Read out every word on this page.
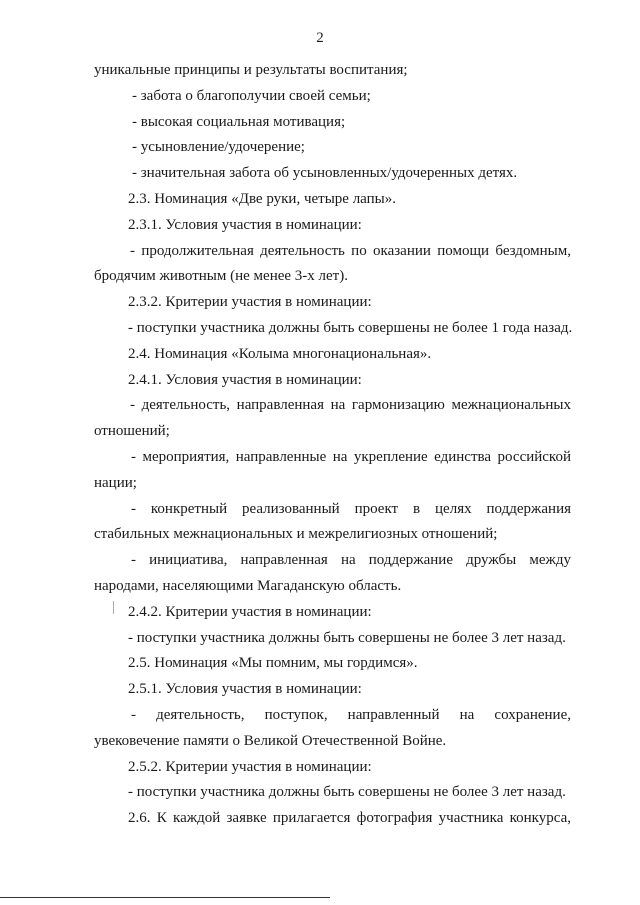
2
уникальные принципы и результаты воспитания;
- забота о благополучии своей семьи;
- высокая социальная мотивация;
- усыновление/удочерение;
- значительная забота об усыновленных/удочеренных детях.
2.3. Номинация «Две руки, четыре лапы».
2.3.1. Условия участия в номинации:
- продолжительная деятельность по оказании помощи бездомным,
бродячим животным (не менее 3-х лет).
2.3.2. Критерии участия в номинации:
- поступки участника должны быть совершены не более 1 года назад.
2.4. Номинация «Колыма многонациональная».
2.4.1. Условия участия в номинации:
- деятельность, направленная на гармонизацию межнациональных
отношений;
- мероприятия, направленные на укрепление единства российской
нации;
- конкретный реализованный проект в целях поддержания
стабильных межнациональных и межрелигиозных отношений;
- инициатива, направленная на поддержание дружбы между
народами, населяющими Магаданскую область.
2.4.2. Критерии участия в номинации:
- поступки участника должны быть совершены не более 3 лет назад.
2.5. Номинация «Мы помним, мы гордимся».
2.5.1. Условия участия в номинации:
- деятельность, поступок, направленный на сохранение,
увековечение памяти о Великой Отечественной Войне.
2.5.2. Критерии участия в номинации:
- поступки участника должны быть совершены не более 3 лет назад.
2.6. К каждой заявке прилагается фотография участника конкурса,
